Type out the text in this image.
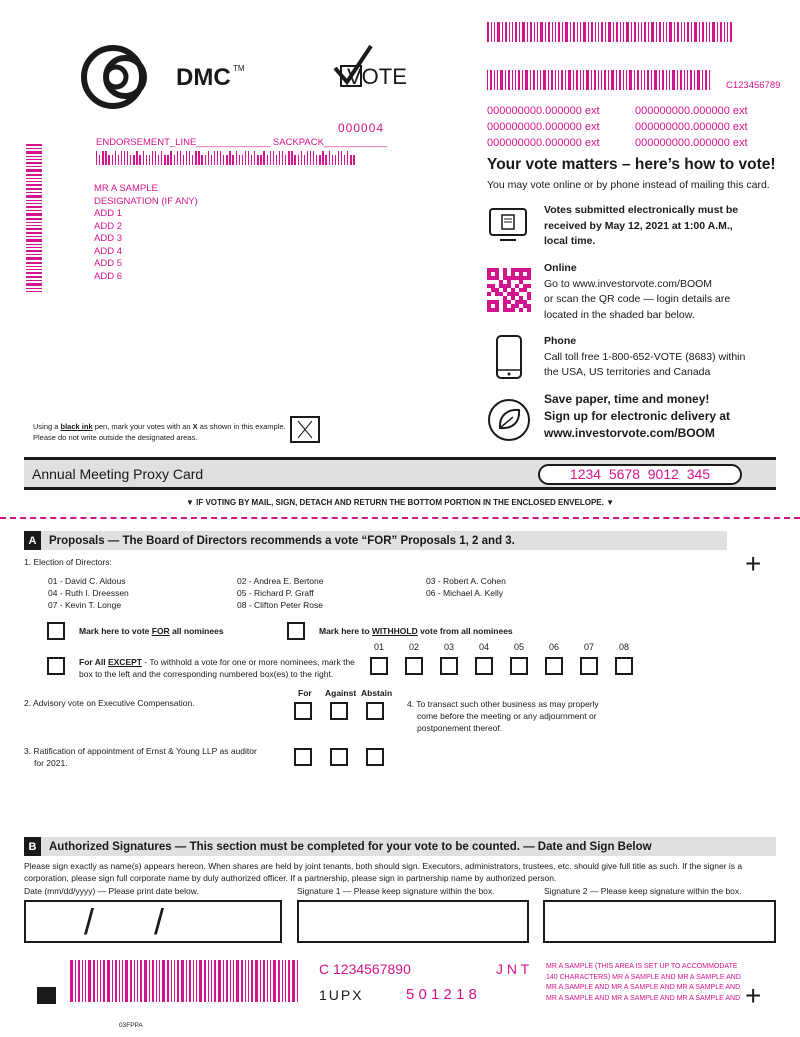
DMC TM	VOTE	C123456789
000000000.000000 ext	000000000.000000 ext
000000000.000000 ext	000000000.000000 ext
000000000.000000 ext	000000000.000000 ext
000004
ENDORSEMENT_LINE______________ SACKPACK____________
MR A SAMPLE
DESIGNATION (IF ANY)
ADD 1
ADD 2
ADD 3
ADD 4
ADD 5
ADD 6
Your vote matters – here’s how to vote!
You may vote online or by phone instead of mailing this card.
Votes submitted electronically must be
received by May 12, 2021 at 1:00 A.M.,
local time.
Online
Go to www.investorvote.com/BOOM
or scan the QR code — login details are
located in the shaded bar below.
Phone
Call toll free 1-800-652-VOTE (8683) within
the USA, US territories and Canada
Save paper, time and money!
Sign up for electronic delivery at
www.investorvote.com/BOOM
Using a black ink pen, mark your votes with an X as shown in this example.
Please do not write outside the designated areas.
Annual Meeting Proxy Card	1234  5678  9012  345
▼ IF VOTING BY MAIL, SIGN, DETACH AND RETURN THE BOTTOM PORTION IN THE ENCLOSED ENVELOPE. ▼
A	Proposals — The Board of Directors recommends a vote “FOR” Proposals 1, 2 and 3.
+
1. Election of Directors:
01 - David C. Aldous	02 - Andrea E. Bertone	03 - Robert A. Cohen
04 - Ruth I. Dreessen	05 - Richard P. Graff	06 - Michael A. Kelly
07 - Kevin T. Longe	08 - Clifton Peter Rose
Mark here to vote FOR all nominees	Mark here to WITHHOLD vote from all nominees
For All EXCEPT - To withhold a vote for one or more nominees, mark the
box to the left and the corresponding numbered box(es) to the right.
01	02	03	04	05	06	07	08
For Against Abstain
2. Advisory vote on Executive Compensation.	4. To transact such other business as may properly
come before the meeting or any adjournment or
postponement thereof.
3. Ratification of appointment of Ernst & Young LLP as auditor
for 2021.
B	Authorized Signatures — This section must be completed for your vote to be counted. — Date and Sign Below
Please sign exactly as name(s) appears hereon. When shares are held by joint tenants, both should sign. Executors, administrators, trustees, etc. should give full title as such. If the signer is a
corporation, please sign full corporate name by duly authorized officer. If a partnership, please sign in partnership name by authorized person.
Date (mm/dd/yyyy) — Please print date below.	Signature 1 — Please keep signature within the box.	Signature 2 — Please keep signature within the box.
/ /
C 1234567890	J N T
1UPX	5 0 1 2 1 8
MR A SAMPLE (THIS AREA IS SET UP TO ACCOMMODATE
140 CHARACTERS) MR A SAMPLE AND MR A SAMPLE AND
MR A SAMPLE AND MR A SAMPLE AND MR A SAMPLE AND
MR A SAMPLE AND MR A SAMPLE AND MR A SAMPLE AND +
03FPPA
